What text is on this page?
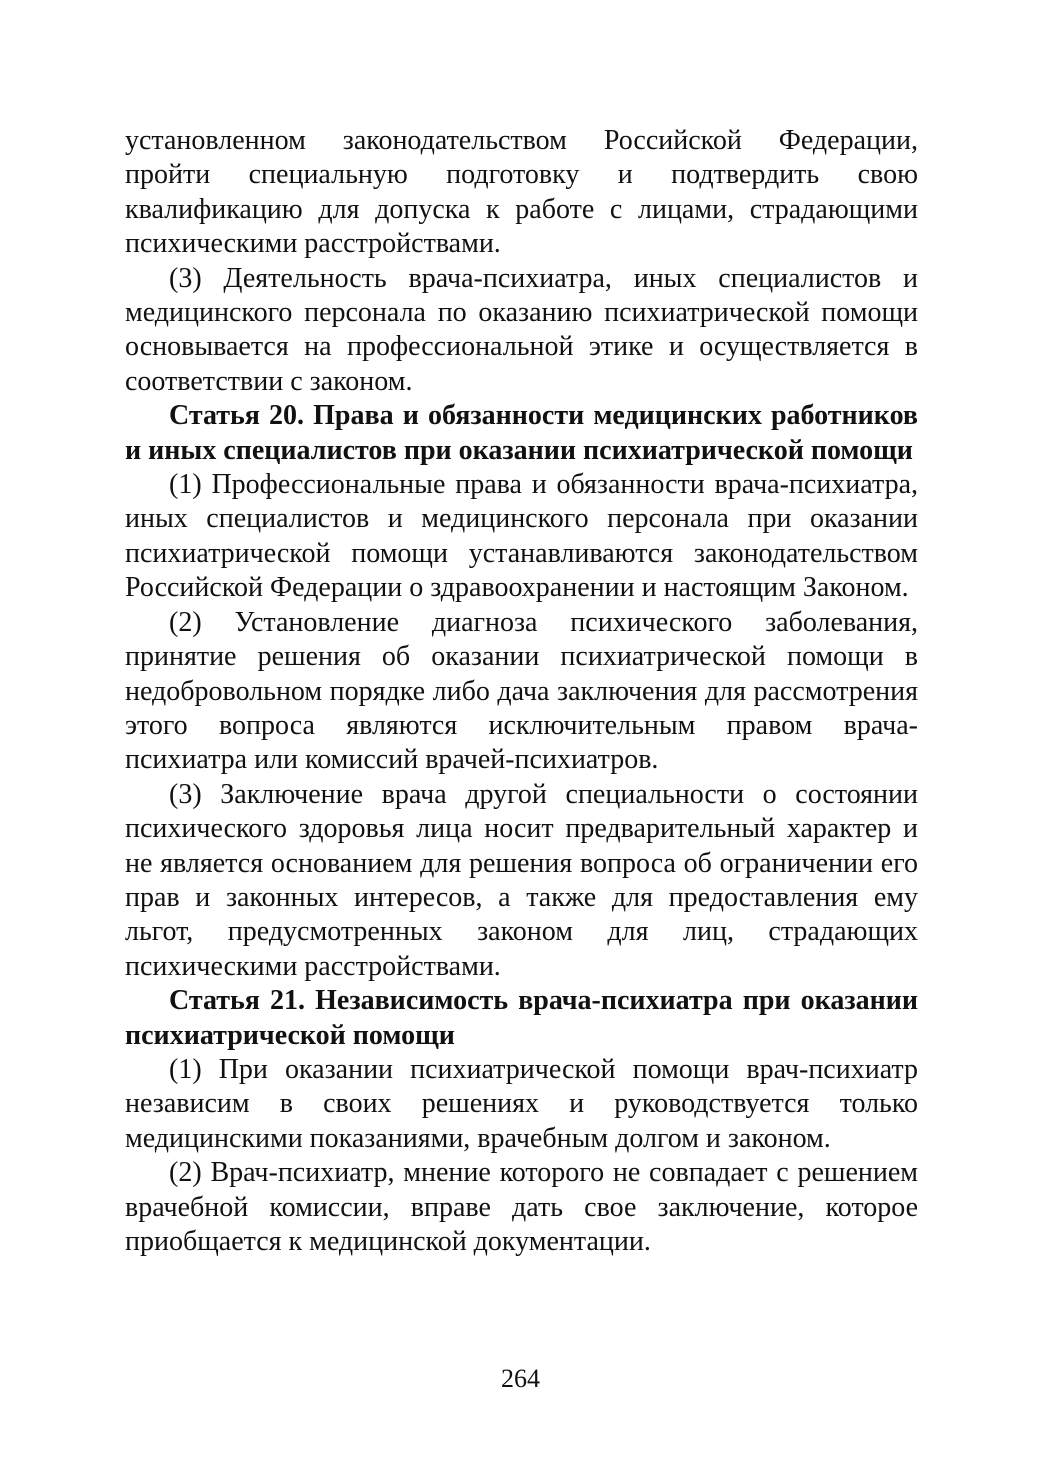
установленном законодательством Российской Федерации, пройти специальную подготовку и подтвердить свою квалификацию для допуска к работе с лицами, страдающими психическими расстройствами.

(3) Деятельность врача-психиатра, иных специалистов и медицинского персонала по оказанию психиатрической помощи основывается на профессиональной этике и осуществляется в соответствии с законом.

Статья 20. Права и обязанности медицинских работников и иных специалистов при оказании психиатрической помощи

(1) Профессиональные права и обязанности врача-психиатра, иных специалистов и медицинского персонала при оказании психиатрической помощи устанавливаются законодательством Российской Федерации о здравоохранении и настоящим Законом.

(2) Установление диагноза психического заболевания, принятие решения об оказании психиатрической помощи в недобровольном порядке либо дача заключения для рассмотрения этого вопроса являются исключительным правом врача-психиатра или комиссий врачей-психиатров.

(3) Заключение врача другой специальности о состоянии психического здоровья лица носит предварительный характер и не является основанием для решения вопроса об ограничении его прав и законных интересов, а также для предоставления ему льгот, предусмотренных законом для лиц, страдающих психическими расстройствами.

Статья 21. Независимость врача-психиатра при оказании психиатрической помощи

(1) При оказании психиатрической помощи врач-психиатр независим в своих решениях и руководствуется только медицинскими показаниями, врачебным долгом и законом.

(2) Врач-психиатр, мнение которого не совпадает с решением врачебной комиссии, вправе дать свое заключение, которое приобщается к медицинской документации.

264
